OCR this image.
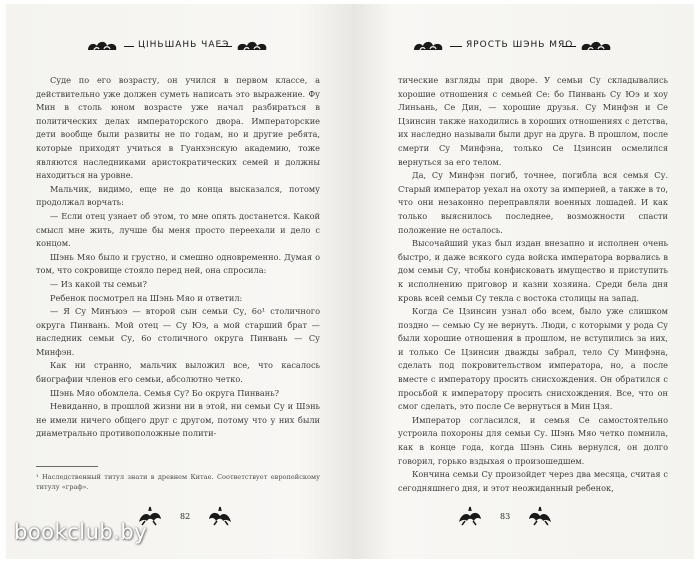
ЦІНЬШАНЬ ЧАЕЭ

Суде по его возрасту, он учился в первом классе, а действительно уже должен суметь написать это выражение. Фу Мин в столь юном возрасте уже начал разбираться в политических делах императорского двора. Императорские дети вообще были развиты не по годам, но и другие ребята, которые приходят учиться в Гуанхэнскую академию, тоже являются наследниками аристократических семей и должны находиться на уровне.

Мальчик, видимо, еще не до конца высказался, потому продолжал ворчать:

— Если отец узнает об этом, то мне опять достанется. Какой смысл мне жить, лучше бы меня просто переехали и дело с концом.

Шэнь Мяо было и грустно, и смешно одновременно. Думая о том, что сокровище стояло перед ней, она спросила:

— Из какой ты семьи?

Ребенок посмотрел на Шэнь Мяо и ответил:

— Я Су Минъюэ — второй сын семьи Су, 6о¹ столичного округа Пинвань. Мой отец — Су Юэ, а мой старший брат — наследник семьи Су, 6о столичного округа Пинвань — Су Минфэн.

Как ни странно, мальчик выложил все, что касалось биографии членов его семьи, абсолютно четко.

Шэнь Мяо обомлела. Семья Су? Бо округа Пинвань?

Невиданно, в прошлой жизни ни в этой, ни семьи Су и Шэнь не имели ничего общего друг с другом, потому что у них были диаметрально противоположные полити-

¹ Наследственный титул знати в древнем Китае. Соответствует европейскому титулу «граф».
82
ЯРОСТЬ ШЭНЬ МЯО

тические взгляды при дворе. У семьи Су складывались хорошие отношения с семьей Се: бо Пинвань Су Юэ и хоу Линьань, Се Дин, — хорошие друзья. Су Минфэн и Се Цзинсин также находились в хороших отношениях с детства, их наследно называли были друг на друга. В прошлом, после смерти Су Минфэна, только Се Цзинсин осмелился вернуться за его телом.

Да, Су Минфэн погиб, точнее, погибла вся семья Су. Старый император уехал на охоту за империей, а также в то, что они незаконно переправляли военных лошадей. И как только выяснилось последнее, возможности спасти положение не осталось.

Высочайший указ был издан внезапно и исполнен очень быстро, и даже всякого суда войска императора ворвались в дом семьи Су, чтобы конфисковать имущество и приступить к исполнению приговор и казни хозяина. Среди бела дня кровь всей семьи Су текла с востока столицы на запад.

Когда Се Цзинсин узнал обо всем, было уже слишком поздно — семью Су не вернуть. Люди, с которыми у рода Су были хорошие отношения в прошлом, не вступились за них, и только Се Цзинсин дважды забрал, тело Су Минфэна, сделать под покровительством императора, но, а после вместе с императору просить снисхождения. Он обратился с просьбой к императору просить снисхождения. Все, что он смог сделать, это после Се вернуться в Мин Цзя.

Император согласился, и семья Се самостоятельно устроила похороны для семьи Су. Шэнь Мяо четко помнила, как в конце года, когда Шэнь Синь вернулся, он долго говорил, горько вздыхая о произошедшем.

Кончина семьи Су произойдет через два месяца, считая с сегодняшнего дня, и этот неожиданный ребенок,

83
bookclub.by
